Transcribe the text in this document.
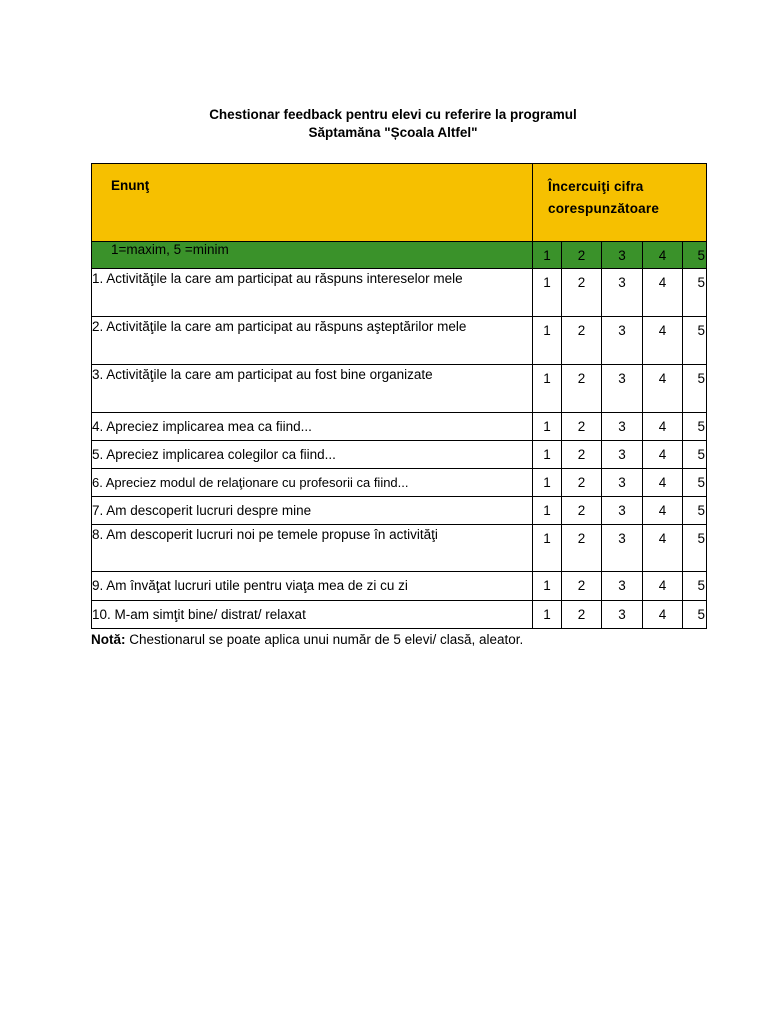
Chestionar feedback pentru elevi cu referire la programul
Săptamăna "Școala Altfel"
Enunţ	Încercuiţi cifra
corespunzătoare				

1=maxim, 5 =minim	1	2	3	4	5
1. Activităţile la care am participat au răspuns intereselor mele	1	2	3	4	5
2. Activităţile la care am participat au răspuns aşteptărilor mele	1	2	3	4	5
3. Activităţile la care am participat au fost bine organizate	1	2	3	4	5
4. Apreciez implicarea mea ca fiind...	1	2	3	4	5
5. Apreciez implicarea colegilor ca fiind...	1	2	3	4	5
6. Apreciez modul de relaţionare cu profesorii ca fiind...	1	2	3	4	5
7. Am descoperit lucruri despre mine	1	2	3	4	5
8. Am descoperit lucruri noi pe temele propuse în activităţi	1	2	3	4	5
9. Am învăţat lucruri utile pentru viaţa mea de zi cu zi	1	2	3	4	5
10. M-am simţit bine/ distrat/ relaxat	1	2	3	4	5
Notă: Chestionarul se poate aplica unui număr de 5 elevi/ clasă, aleator.
